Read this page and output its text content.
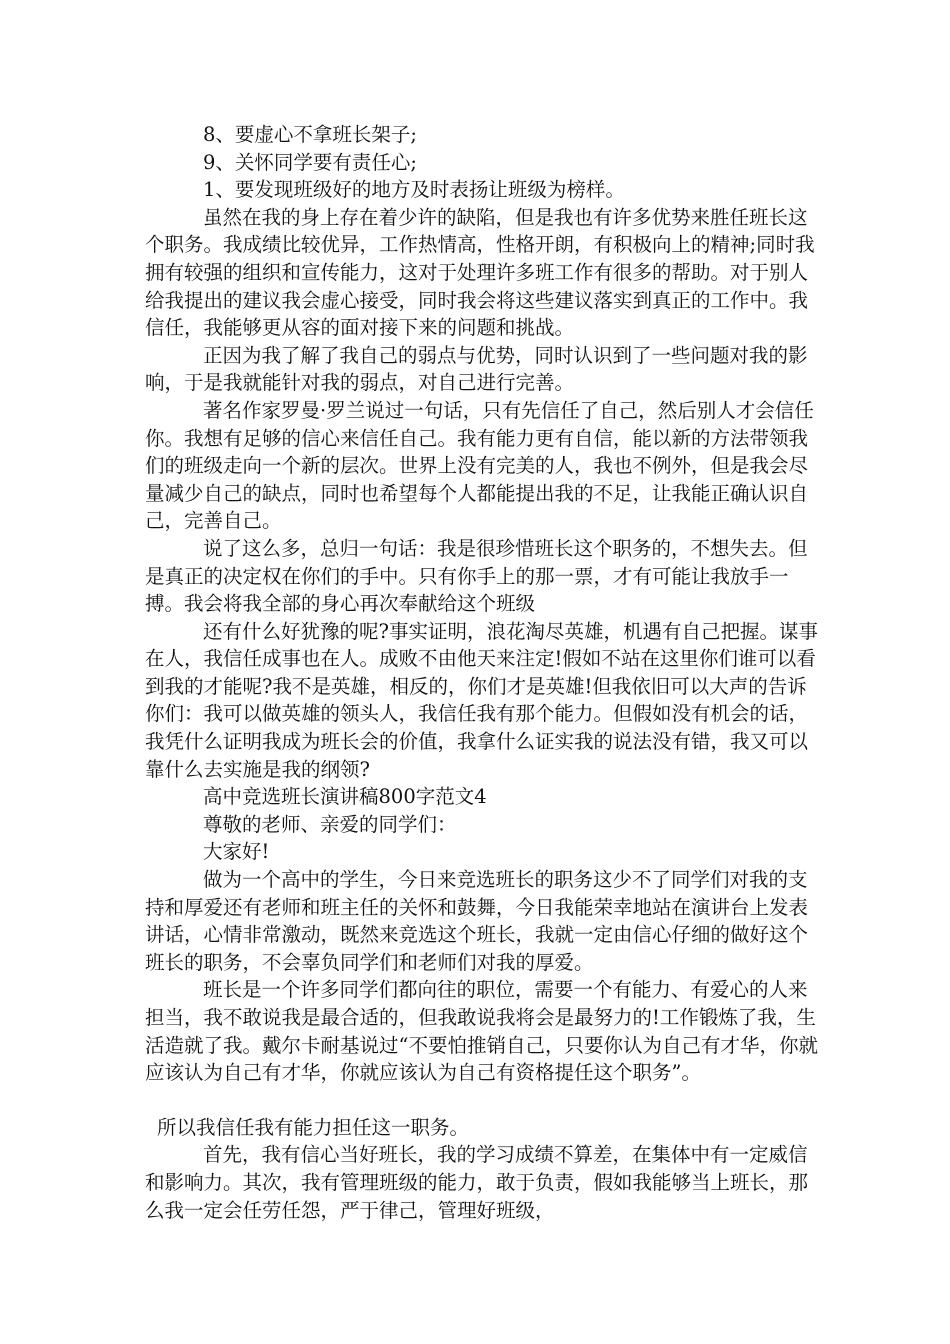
8、要虚心不拿班长架子;

9、关怀同学要有责任心;

1、要发现班级好的地方及时表扬让班级为榜样。

虽然在我的身上存在着少许的缺陷，但是我也有许多优势来胜任班长这个职务。我成绩比较优异，工作热情高，性格开朗，有积极向上的精神;同时我拥有较强的组织和宣传能力，这对于处理许多班工作有很多的帮助。对于别人给我提出的建议我会虚心接受，同时我会将这些建议落实到真正的工作中。我信任，我能够更从容的面对接下来的问题和挑战。

正因为我了解了我自己的弱点与优势，同时认识到了一些问题对我的影响，于是我就能针对我的弱点，对自己进行完善。

著名作家罗曼·罗兰说过一句话，只有先信任了自己，然后别人才会信任你。我想有足够的信心来信任自己。我有能力更有自信，能以新的方法带领我们的班级走向一个新的层次。世界上没有完美的人，我也不例外，但是我会尽量减少自己的缺点，同时也希望每个人都能提出我的不足，让我能正确认识自己，完善自己。

说了这么多，总归一句话：我是很珍惜班长这个职务的，不想失去。但是真正的决定权在你们的手中。只有你手上的那一票，才有可能让我放手一搏。我会将我全部的身心再次奉献给这个班级

还有什么好犹豫的呢?事实证明，浪花淘尽英雄，机遇有自己把握。谋事在人，我信任成事也在人。成败不由他天来注定!假如不站在这里你们谁可以看到我的才能呢?我不是英雄，相反的，你们才是英雄!但我依旧可以大声的告诉你们：我可以做英雄的领头人，我信任我有那个能力。但假如没有机会的话，我凭什么证明我成为班长会的价值，我拿什么证实我的说法没有错，我又可以靠什么去实施是我的纲领?

高中竞选班长演讲稿800字范文4

尊敬的老师、亲爱的同学们：

大家好!

做为一个高中的学生，今日来竞选班长的职务这少不了同学们对我的支持和厚爱还有老师和班主任的关怀和鼓舞，今日我能荣幸地站在演讲台上发表讲话，心情非常激动，既然来竞选这个班长，我就一定由信心仔细的做好这个班长的职务，不会辜负同学们和老师们对我的厚爱。

班长是一个许多同学们都向往的职位，需要一个有能力、有爱心的人来担当，我不敢说我是最合适的，但我敢说我将会是最努力的!工作锻炼了我，生活造就了我。戴尔卡耐基说过“不要怕推销自己，只要你认为自己有才华，你就应该认为自己有才华，你就应该认为自己有资格提任这个职务”。

所以我信任我有能力担任这一职务。

首先，我有信心当好班长，我的学习成绩不算差，在集体中有一定威信和影响力。其次，我有管理班级的能力，敢于负责，假如我能够当上班长，那么我一定会任劳任怨，严于律己，管理好班级，
